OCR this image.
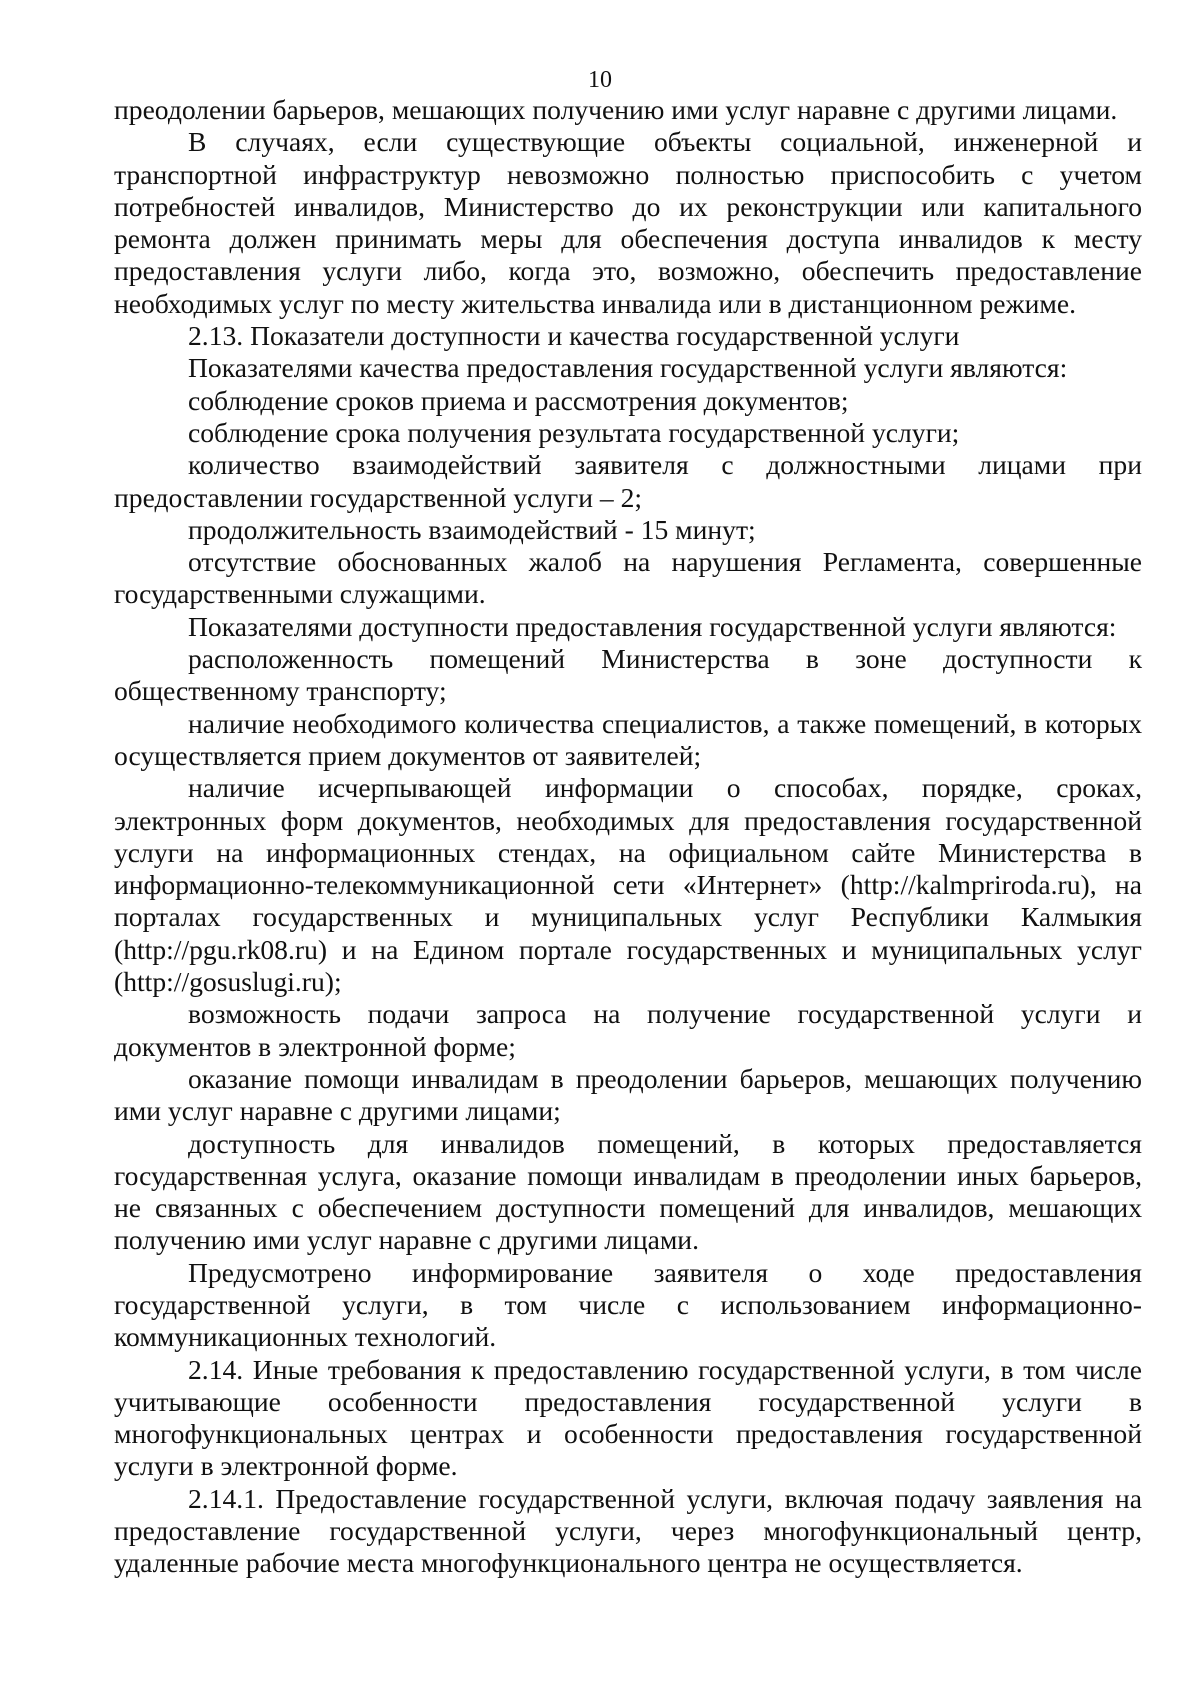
10

преодолении барьеров, мешающих получению ими услуг наравне с другими лицами.

В случаях, если существующие объекты социальной, инженерной и транспортной инфраструктур невозможно полностью приспособить с учетом потребностей инвалидов, Министерство до их реконструкции или капитального ремонта должен принимать меры для обеспечения доступа инвалидов к месту предоставления услуги либо, когда это, возможно, обеспечить предоставление необходимых услуг по месту жительства инвалида или в дистанционном режиме.

2.13. Показатели доступности и качества государственной услуги

Показателями качества предоставления государственной услуги являются:

соблюдение сроков приема и рассмотрения документов;

соблюдение срока получения результата государственной услуги;

количество взаимодействий заявителя с должностными лицами при предоставлении государственной услуги – 2;

продолжительность взаимодействий - 15 минут;

отсутствие обоснованных жалоб на нарушения Регламента, совершенные государственными служащими.

Показателями доступности предоставления государственной услуги являются:

расположенность помещений Министерства в зоне доступности к общественному транспорту;

наличие необходимого количества специалистов, а также помещений, в которых осуществляется прием документов от заявителей;

наличие исчерпывающей информации о способах, порядке, сроках, электронных форм документов, необходимых для предоставления государственной услуги на информационных стендах, на официальном сайте Министерства в информационно-телекоммуникационной сети «Интернет» (http://kalmpriroda.ru), на порталах государственных и муниципальных услуг Республики Калмыкия (http://pgu.rk08.ru) и на Едином портале государственных и муниципальных услуг (http://gosuslugi.ru);

возможность подачи запроса на получение государственной услуги и документов в электронной форме;

оказание помощи инвалидам в преодолении барьеров, мешающих получению ими услуг наравне с другими лицами;

доступность для инвалидов помещений, в которых предоставляется государственная услуга, оказание помощи инвалидам в преодолении иных барьеров, не связанных с обеспечением доступности помещений для инвалидов, мешающих получению ими услуг наравне с другими лицами.

Предусмотрено информирование заявителя о ходе предоставления государственной услуги, в том числе с использованием информационно-коммуникационных технологий.

2.14. Иные требования к предоставлению государственной услуги, в том числе учитывающие особенности предоставления государственной услуги в многофункциональных центрах и особенности предоставления государственной услуги в электронной форме.

2.14.1. Предоставление государственной услуги, включая подачу заявления на предоставление государственной услуги, через многофункциональный центр, удаленные рабочие места многофункционального центра не осуществляется.
